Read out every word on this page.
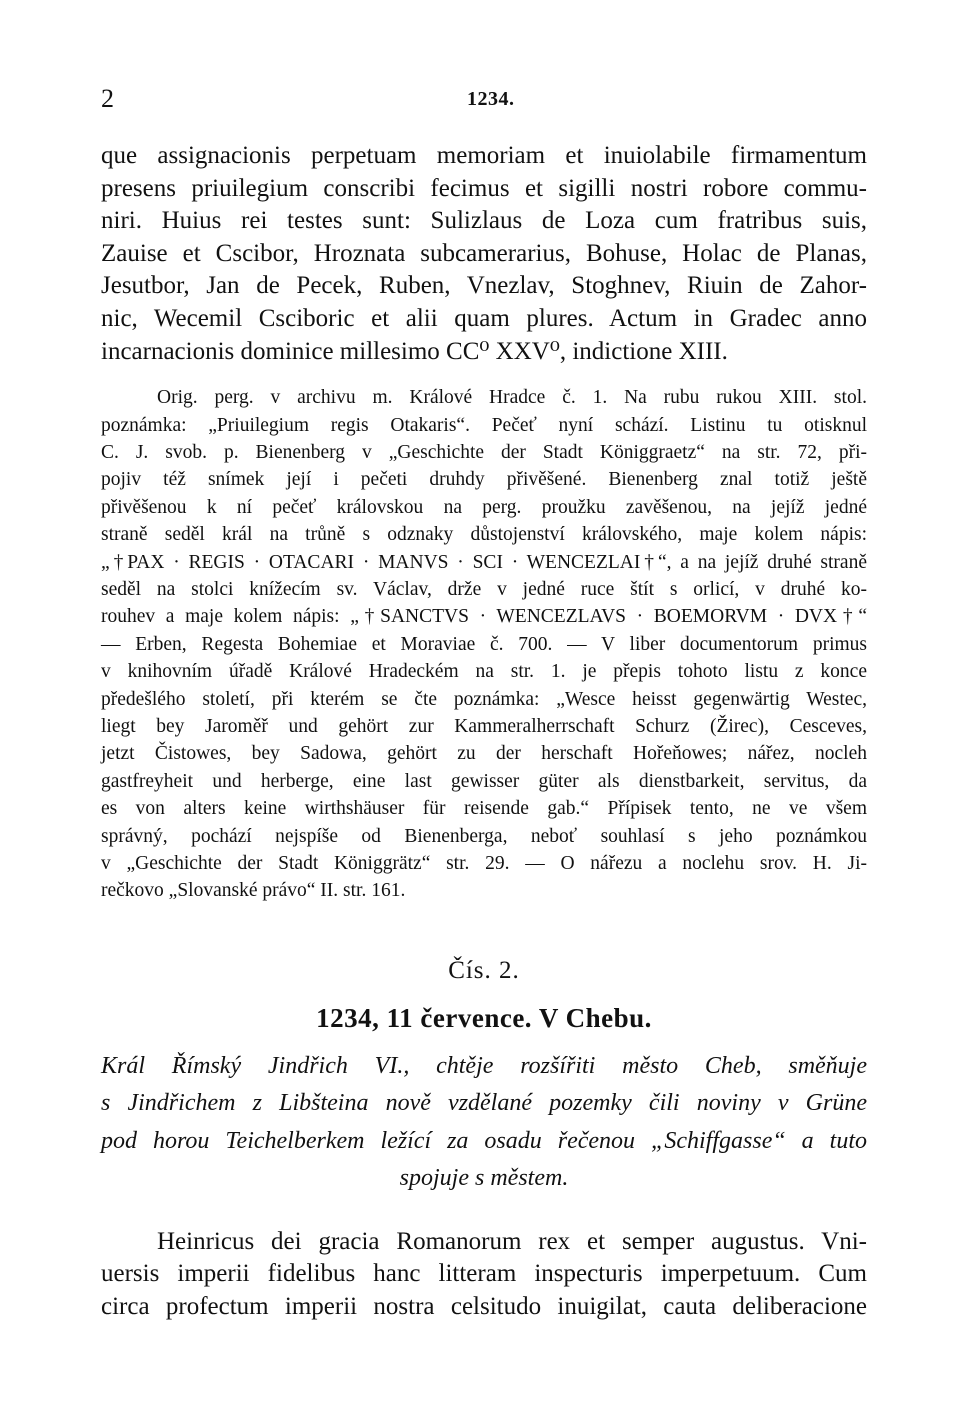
2	1234.
que assignacionis perpetuam memoriam et inuiolabile firmamentum
presens priuilegium conscribi fecimus et sigilli nostri robore commu-
niri. Huius rei testes sunt: Sulizlaus de Loza cum fratribus suis,
Zauise et Cscibor, Hroznata subcamerarius, Bohuse, Holac de Planas,
Jesutbor, Jan de Pecek, Ruben, Vnezlav, Stoghnev, Riuin de Zahor-
nic, Wecemil Csciboric et alii quam plures. Actum in Gradec anno
incarnacionis dominice millesimo CC⁰ XXV⁰, indictione XIII.
Orig. perg. v archivu m. Králové Hradce č. 1. Na rubu rukou XIII. stol.
poznámka: „Priuilegium regis Otakaris“. Pečeť nyní schází. Listinu tu otisknul
C. J. svob. p. Bienenberg v „Geschichte der Stadt Königgraetz“ na str. 72, při-
pojiv též snímek její i pečeti druhdy přivěšené. Bienenberg znal totiž ještě
přivěšenou k ní pečeť královskou na perg. proužku zavěšenou, na jejíž jedné
straně seděl král na trůně s odznaky důstojenství královského, maje kolem nápis:
„†PAX · REGIS · OTACARI · MANVS · SCI · WENCEZLAI†“, a na jejíž druhé straně
seděl na stolci knížecím sv. Václav, drže v jedné ruce štít s orlicí, v druhé ko-
rouhev a maje kolem nápis: „†SANCTVS · WENCEZLAVS · BOEMORVM · DVX†“
— Erben, Regesta Bohemiae et Moraviae č. 700. — V liber documentorum primus
v knihovním úřadě Králové Hradeckém na str. 1. je přepis tohoto listu z konce
předešlého století, při kterém se čte poznámka: „Wesce heisst gegenwärtig Westec,
liegt bey Jaroměř und gehört zur Kammeralherrschaft Schurz (Žirec), Cesceves,
jetzt Čistowes, bey Sadowa, gehört zu der herschaft Hořeňowes; nářez, nocleh
gastfreyheit und herberge, eine last gewisser güter als dienstbarkeit, servitus, da
es von alters keine wirthshäuser für reisende gab.“ Přípisek tento, ne ve všem
správný, pochází nejspíše od Bienenberga, neboť souhlasí s jeho poznámkou
v „Geschichte der Stadt Königgrätz“ str. 29. — O nářezu a noclehu srov. H. Ji-
rečkovo „Slovanské právo“ II. str. 161.
Čís. 2.
1234, 11 července. V Chebu.
Král Římský Jindřich VI., chtěje rozšířiti město Cheb, směňuje
s Jindřichem z Libšteina nově vzdělané pozemky čili noviny v Grüne
pod horou Teichelberkem ležící za osadu řečenou „Schiffgasse“ a tuto
spojuje s městem.
Heinricus dei gracia Romanorum rex et semper augustus. Vni-
uersis imperii fidelibus hanc litteram inspecturis imperpetuum. Cum
circa profectum imperii nostra celsitudo inuigilat, cauta deliberacione
